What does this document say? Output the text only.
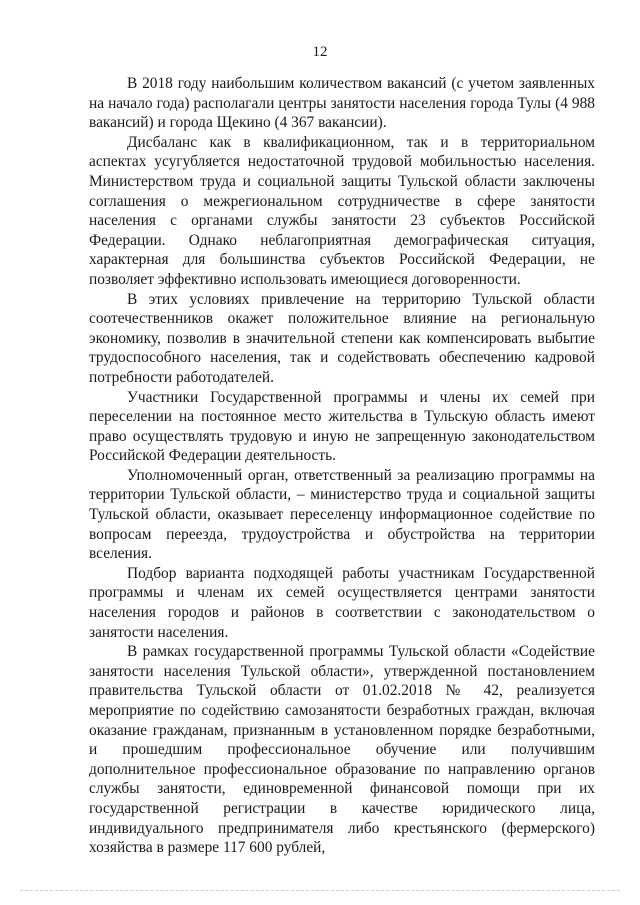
12

В 2018 году наибольшим количеством вакансий (с учетом заявленных на начало года) располагали центры занятости населения города Тулы (4 988 вакансий) и города Щекино (4 367 вакансии).

Дисбаланс как в квалификационном, так и в территориальном аспектах усугубляется недостаточной трудовой мобильностью населения. Министерством труда и социальной защиты Тульской области заключены соглашения о межрегиональном сотрудничестве в сфере занятости населения с органами службы занятости 23 субъектов Российской Федерации. Однако неблагоприятная демографическая ситуация, характерная для большинства субъектов Российской Федерации, не позволяет эффективно использовать имеющиеся договоренности.

В этих условиях привлечение на территорию Тульской области соотечественников окажет положительное влияние на региональную экономику, позволив в значительной степени как компенсировать выбытие трудоспособного населения, так и содействовать обеспечению кадровой потребности работодателей.

Участники Государственной программы и члены их семей при переселении на постоянное место жительства в Тульскую область имеют право осуществлять трудовую и иную не запрещенную законодательством Российской Федерации деятельность.

Уполномоченный орган, ответственный за реализацию программы на территории Тульской области, – министерство труда и социальной защиты Тульской области, оказывает переселенцу информационное содействие по вопросам переезда, трудоустройства и обустройства на территории вселения.

Подбор варианта подходящей работы участникам Государственной программы и членам их семей осуществляется центрами занятости населения городов и районов в соответствии с законодательством о занятости населения.

В рамках государственной программы Тульской области «Содействие занятости населения Тульской области», утвержденной постановлением правительства Тульской области от 01.02.2018 № 42, реализуется мероприятие по содействию самозанятости безработных граждан, включая оказание гражданам, признанным в установленном порядке безработными, и прошедшим профессиональное обучение или получившим дополнительное профессиональное образование по направлению органов службы занятости, единовременной финансовой помощи при их государственной регистрации в качестве юридического лица, индивидуального предпринимателя либо крестьянского (фермерского) хозяйства в размере 117 600 рублей,
